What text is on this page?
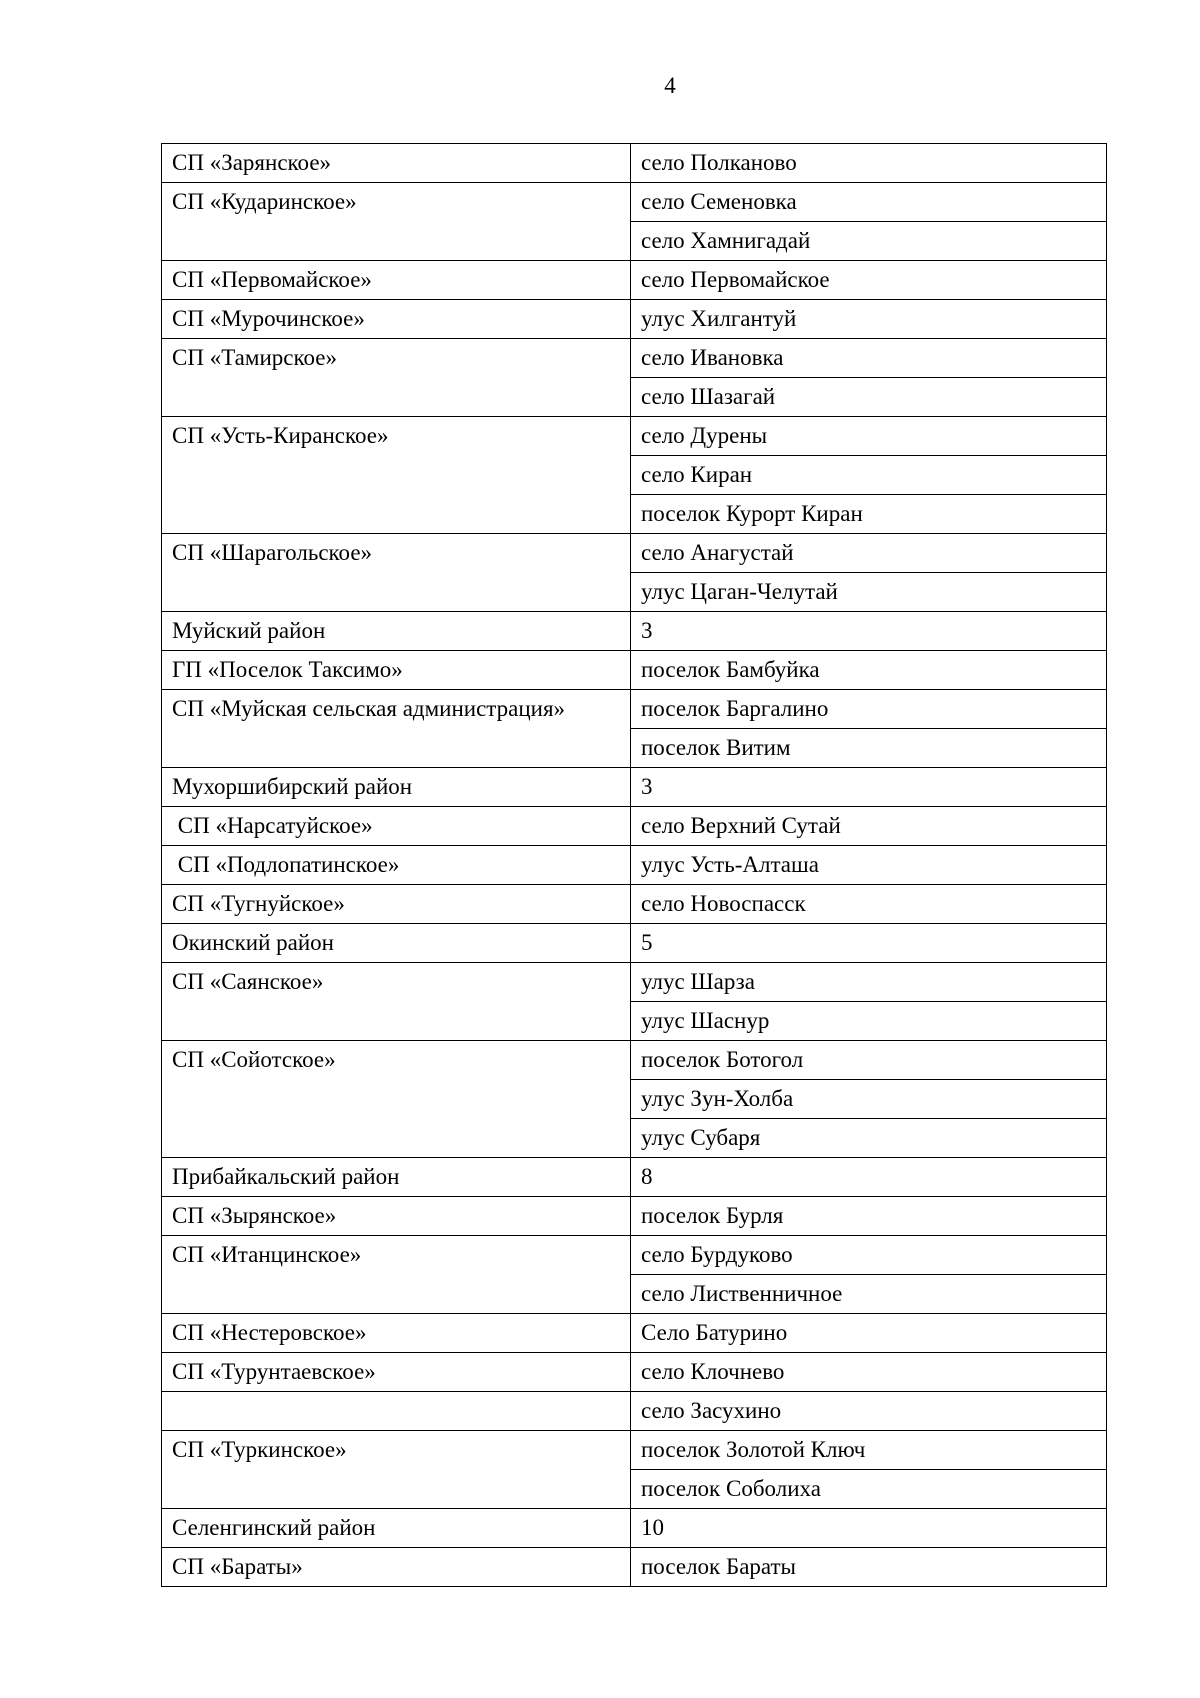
4
СП «Зарянское»	село Полканово
СП «Кударинское»	село Семеновка
	село Хамнигадай
СП «Первомайское»	село Первомайское
СП «Мурочинское»	улус Хилгантуй
СП «Тамирское»	село Ивановка
	село Шазагай
СП «Усть-Киранское»	село Дурены
	село Киран
	поселок Курорт Киран
СП «Шарагольское»	село Анагустай
	улус Цаган-Челутай
Муйский район	3
ГП «Поселок Таксимо»	поселок Бамбуйка
СП «Муйская сельская администрация»	поселок Баргалино
	поселок Витим
Мухоршибирский район	3
СП «Нарсатуйское»	село Верхний Сутай
СП «Подлопатинское»	улус Усть-Алташа
СП «Тугнуйское»	село Новоспасск
Окинский район	5
СП «Саянское»	улус Шарза
	улус Шаснур
СП «Сойотское»	поселок Ботогол
	улус Зун-Холба
	улус Субаря
Прибайкальский район	8
СП «Зырянское»	поселок Бурля
СП «Итанцинское»	село Бурдуково
	село Лиственничное
СП «Нестеровское»	Село Батурино
СП «Турунтаевское»	село Клочнево
	село Засухино
СП «Туркинское»	поселок Золотой Ключ
	поселок Соболиха
Селенгинский район	10
СП «Бараты»	поселок Бараты
